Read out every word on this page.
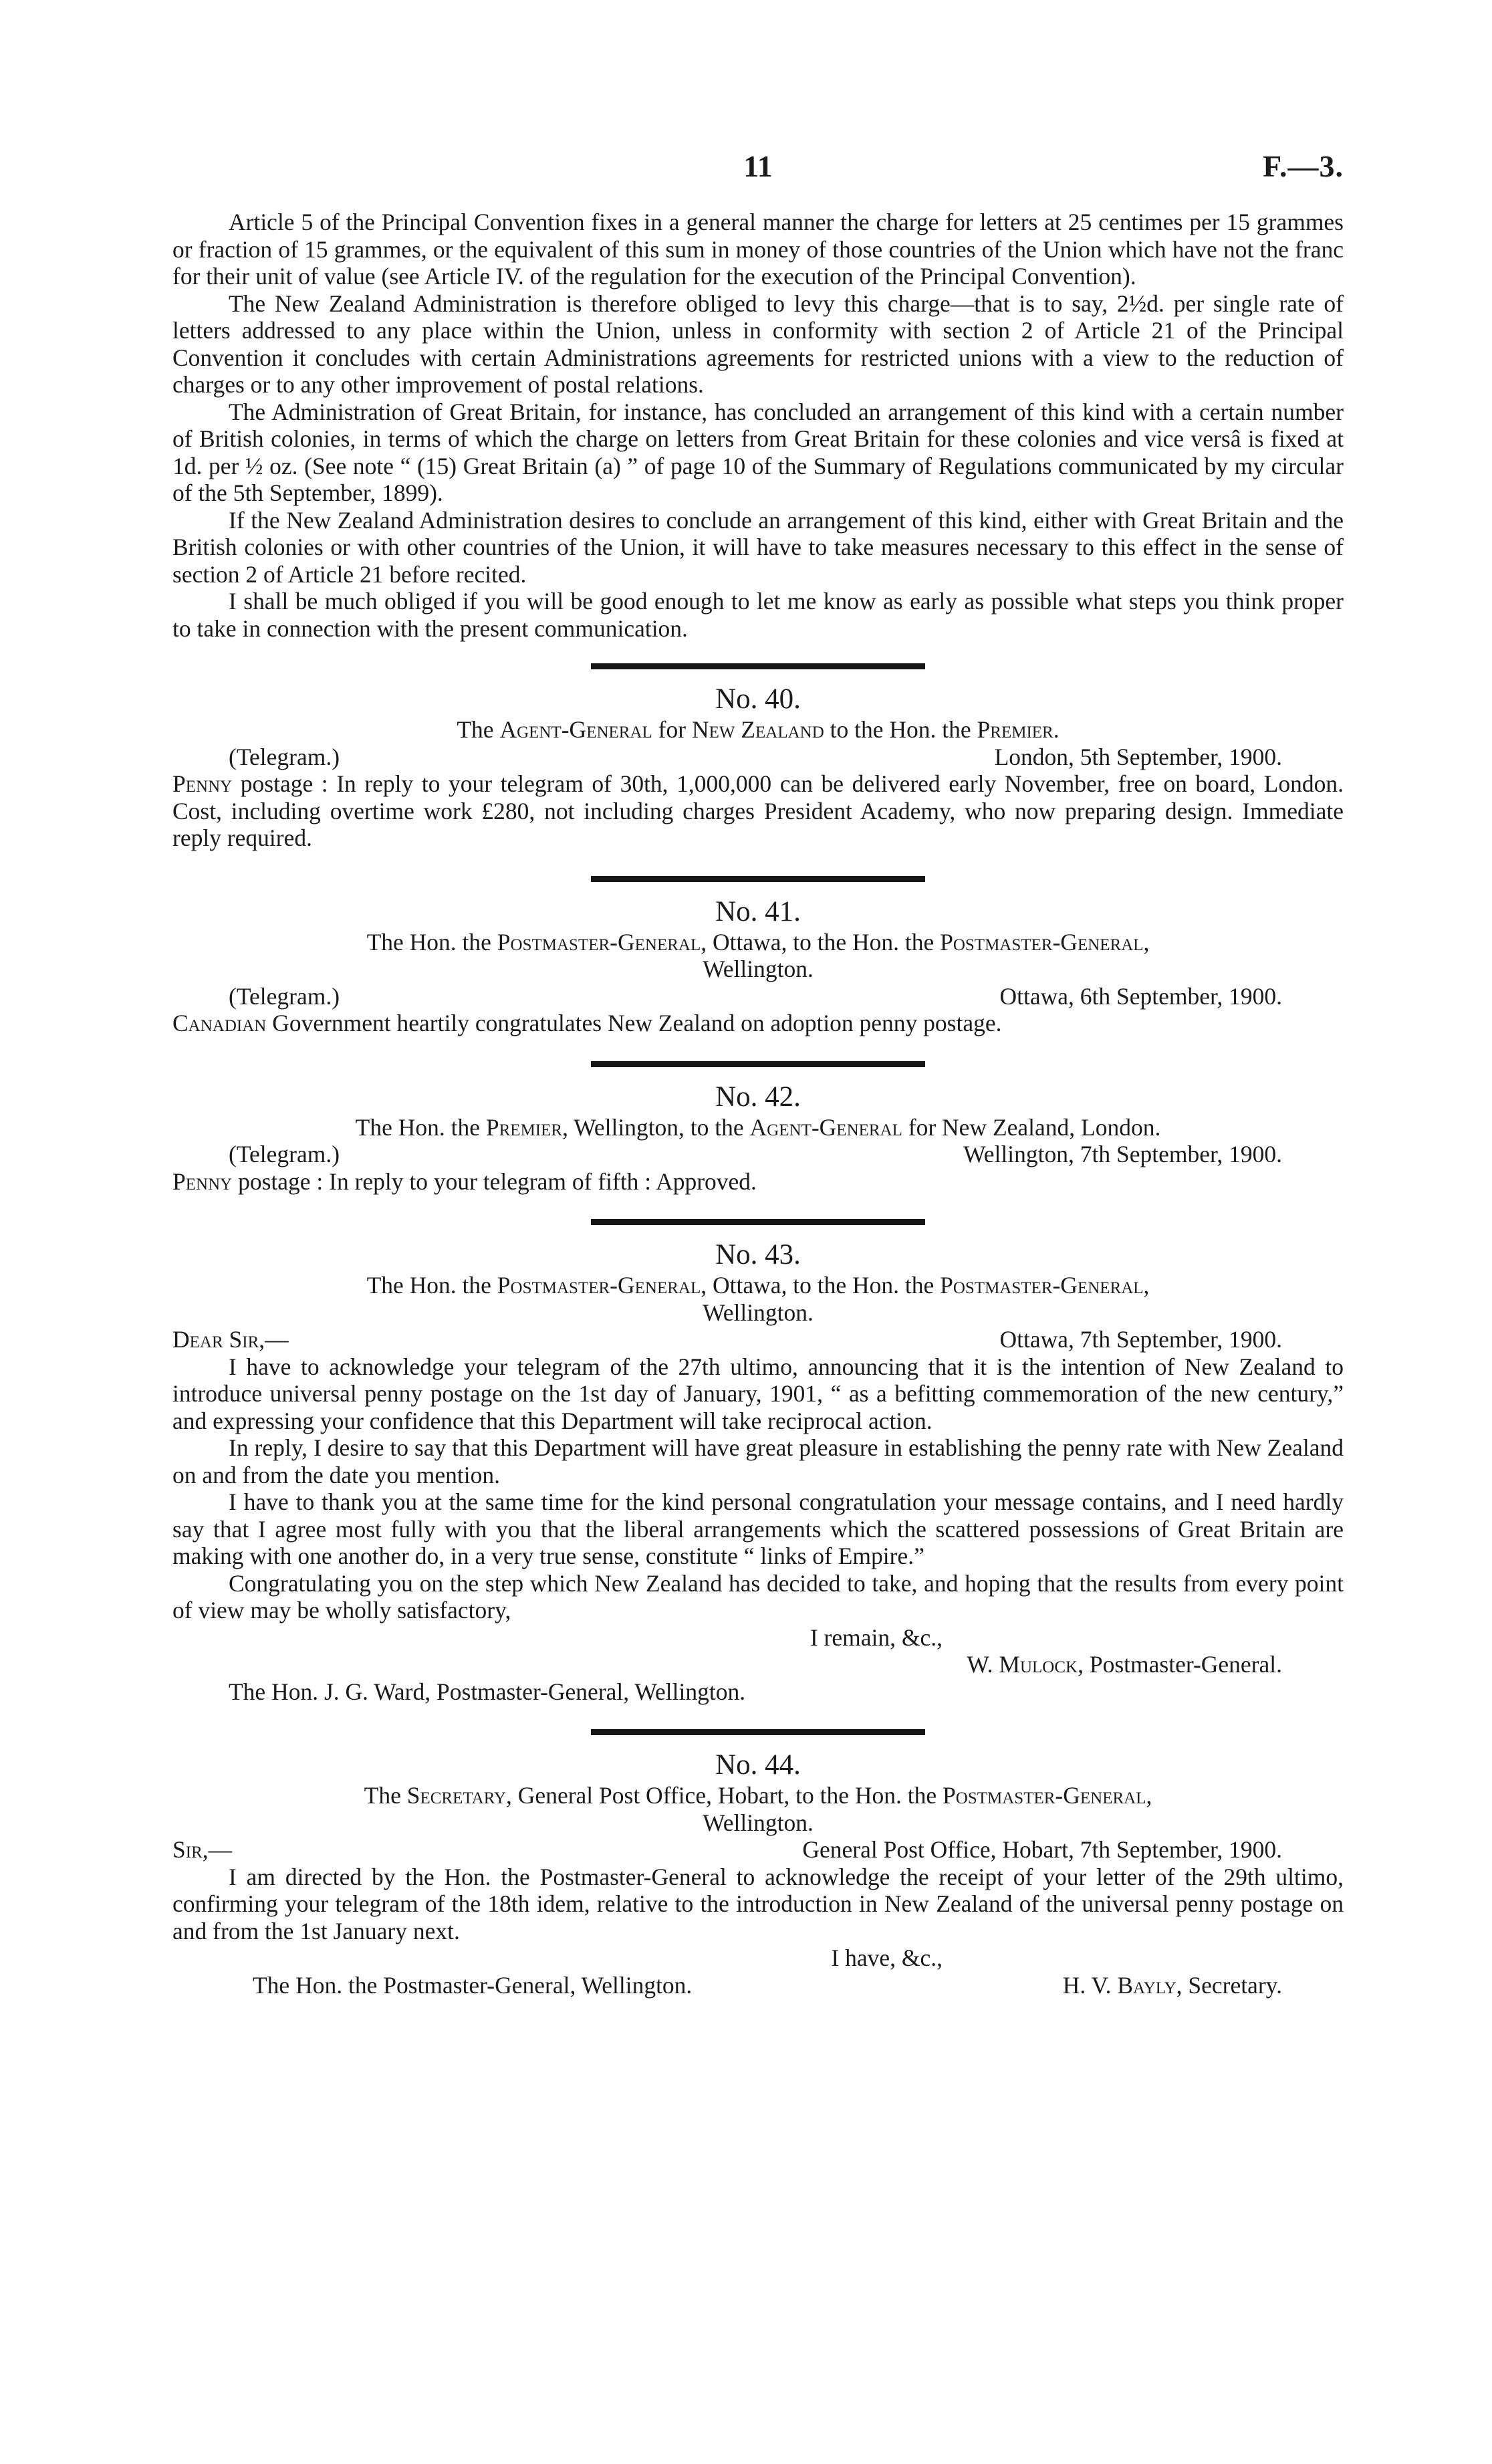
11	F.—3.

Article 5 of the Principal Convention fixes in a general manner the charge for letters at 25 centimes per 15 grammes or fraction of 15 grammes, or the equivalent of this sum in money of those countries of the Union which have not the franc for their unit of value (see Article IV. of the regulation for the execution of the Principal Convention).

The New Zealand Administration is therefore obliged to levy this charge—that is to say, 2½d. per single rate of letters addressed to any place within the Union, unless in conformity with section 2 of Article 21 of the Principal Convention it concludes with certain Administrations agreements for restricted unions with a view to the reduction of charges or to any other improvement of postal relations.

The Administration of Great Britain, for instance, has concluded an arrangement of this kind with a certain number of British colonies, in terms of which the charge on letters from Great Britain for these colonies and vice versâ is fixed at 1d. per ½ oz. (See note “ (15) Great Britain (a) ” of page 10 of the Summary of Regulations communicated by my circular of the 5th September, 1899).

If the New Zealand Administration desires to conclude an arrangement of this kind, either with Great Britain and the British colonies or with other countries of the Union, it will have to take measures necessary to this effect in the sense of section 2 of Article 21 before recited.

I shall be much obliged if you will be good enough to let me know as early as possible what steps you think proper to take in connection with the present communication.

No. 40.
The Agent-General for New Zealand to the Hon. the Premier.
(Telegram.)	London, 5th September, 1900.

Penny postage : In reply to your telegram of 30th, 1,000,000 can be delivered early November, free on board, London. Cost, including overtime work £280, not including charges President Academy, who now preparing design. Immediate reply required.

No. 41.
The Hon. the Postmaster-General, Ottawa, to the Hon. the Postmaster-General,
Wellington.
(Telegram.)	Ottawa, 6th September, 1900.

Canadian Government heartily congratulates New Zealand on adoption penny postage.

No. 42.
The Hon. the Premier, Wellington, to the Agent-General for New Zealand, London.
(Telegram.)	Wellington, 7th September, 1900.

Penny postage : In reply to your telegram of fifth : Approved.

No. 43.
The Hon. the Postmaster-General, Ottawa, to the Hon. the Postmaster-General,
Wellington.
Dear Sir,—	Ottawa, 7th September, 1900.

I have to acknowledge your telegram of the 27th ultimo, announcing that it is the intention of New Zealand to introduce universal penny postage on the 1st day of January, 1901, “ as a befitting commemoration of the new century,” and expressing your confidence that this Department will take reciprocal action.

In reply, I desire to say that this Department will have great pleasure in establishing the penny rate with New Zealand on and from the date you mention.

I have to thank you at the same time for the kind personal congratulation your message contains, and I need hardly say that I agree most fully with you that the liberal arrangements which the scattered possessions of Great Britain are making with one another do, in a very true sense, constitute “ links of Empire.”

Congratulating you on the step which New Zealand has decided to take, and hoping that the results from every point of view may be wholly satisfactory,

I remain, &c.,
W. Mulock, Postmaster-General.
The Hon. J. G. Ward, Postmaster-General, Wellington.
No. 44.
The Secretary, General Post Office, Hobart, to the Hon. the Postmaster-General,
Wellington.
Sir,—	General Post Office, Hobart, 7th September, 1900.

I am directed by the Hon. the Postmaster-General to acknowledge the receipt of your letter of the 29th ultimo, confirming your telegram of the 18th idem, relative to the introduction in New Zealand of the universal penny postage on and from the 1st January next.

I have, &c.,
The Hon. the Postmaster-General, Wellington.	H. V. Bayly, Secretary.
